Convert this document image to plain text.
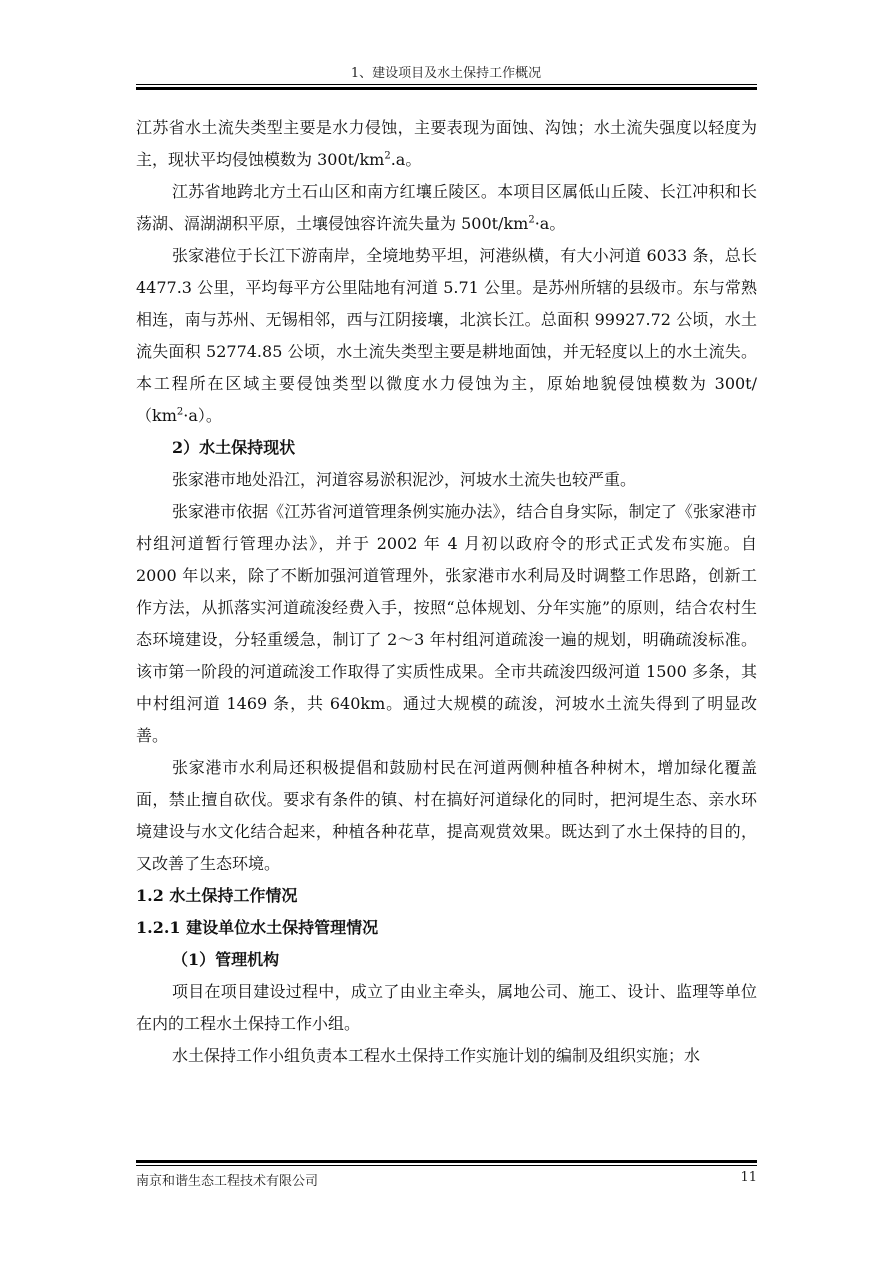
1、建设项目及水土保持工作概况

江苏省水土流失类型主要是水力侵蚀，主要表现为面蚀、沟蚀；水土流失强度以轻度为主，现状平均侵蚀模数为 $300t/km^2.a$。

江苏省地跨北方土石山区和南方红壤丘陵区。本项目区属低山丘陵、长江冲积和长荡湖、滆湖湖积平原，土壤侵蚀容许流失量为 $500t/km^2\cdot a$。

张家港位于长江下游南岸，全境地势平坦，河港纵横，有大小河道 6033 条，总长 4477.3 公里，平均每平方公里陆地有河道 5.71 公里。是苏州所辖的县级市。东与常熟相连，南与苏州、无锡相邻，西与江阴接壤，北滨长江。总面积 99927.72 公顷，水土流失面积 52774.85 公顷，水土流失类型主要是耕地面蚀，并无轻度以上的水土流失。本工程所在区域主要侵蚀类型以微度水力侵蚀为主，原始地貌侵蚀模数为 $300t/(km^2\cdot a)$。

2）水土保持现状

张家港市地处沿江，河道容易淤积泥沙，河坡水土流失也较严重。

张家港市依据《江苏省河道管理条例实施办法》，结合自身实际，制定了《张家港市村组河道暂行管理办法》，并于 2002 年 4 月初以政府令的形式正式发布实施。自 2000 年以来，除了不断加强河道管理外，张家港市水利局及时调整工作思路，创新工作方法，从抓落实河道疏浚经费入手，按照“总体规划、分年实施”的原则，结合农村生态环境建设，分轻重缓急，制订了 2～3 年村组河道疏浚一遍的规划，明确疏浚标准。该市第一阶段的河道疏浚工作取得了实质性成果。全市共疏浚四级河道 1500 多条，其中村组河道 1469 条，共 640km。通过大规模的疏浚，河坡水土流失得到了明显改善。

张家港市水利局还积极提倡和鼓励村民在河道两侧种植各种树木，增加绿化覆盖面，禁止擅自砍伐。要求有条件的镇、村在搞好河道绿化的同时，把河堤生态、亲水环境建设与水文化结合起来，种植各种花草，提高观赏效果。既达到了水土保持的目的，又改善了生态环境。

1.2 水土保持工作情况

1.2.1 建设单位水土保持管理情况

（1）管理机构

项目在项目建设过程中，成立了由业主牵头，属地公司、施工、设计、监理等单位在内的工程水土保持工作小组。

水土保持工作小组负责本工程水土保持工作实施计划的编制及组织实施；水

南京和谐生态工程技术有限公司	11
